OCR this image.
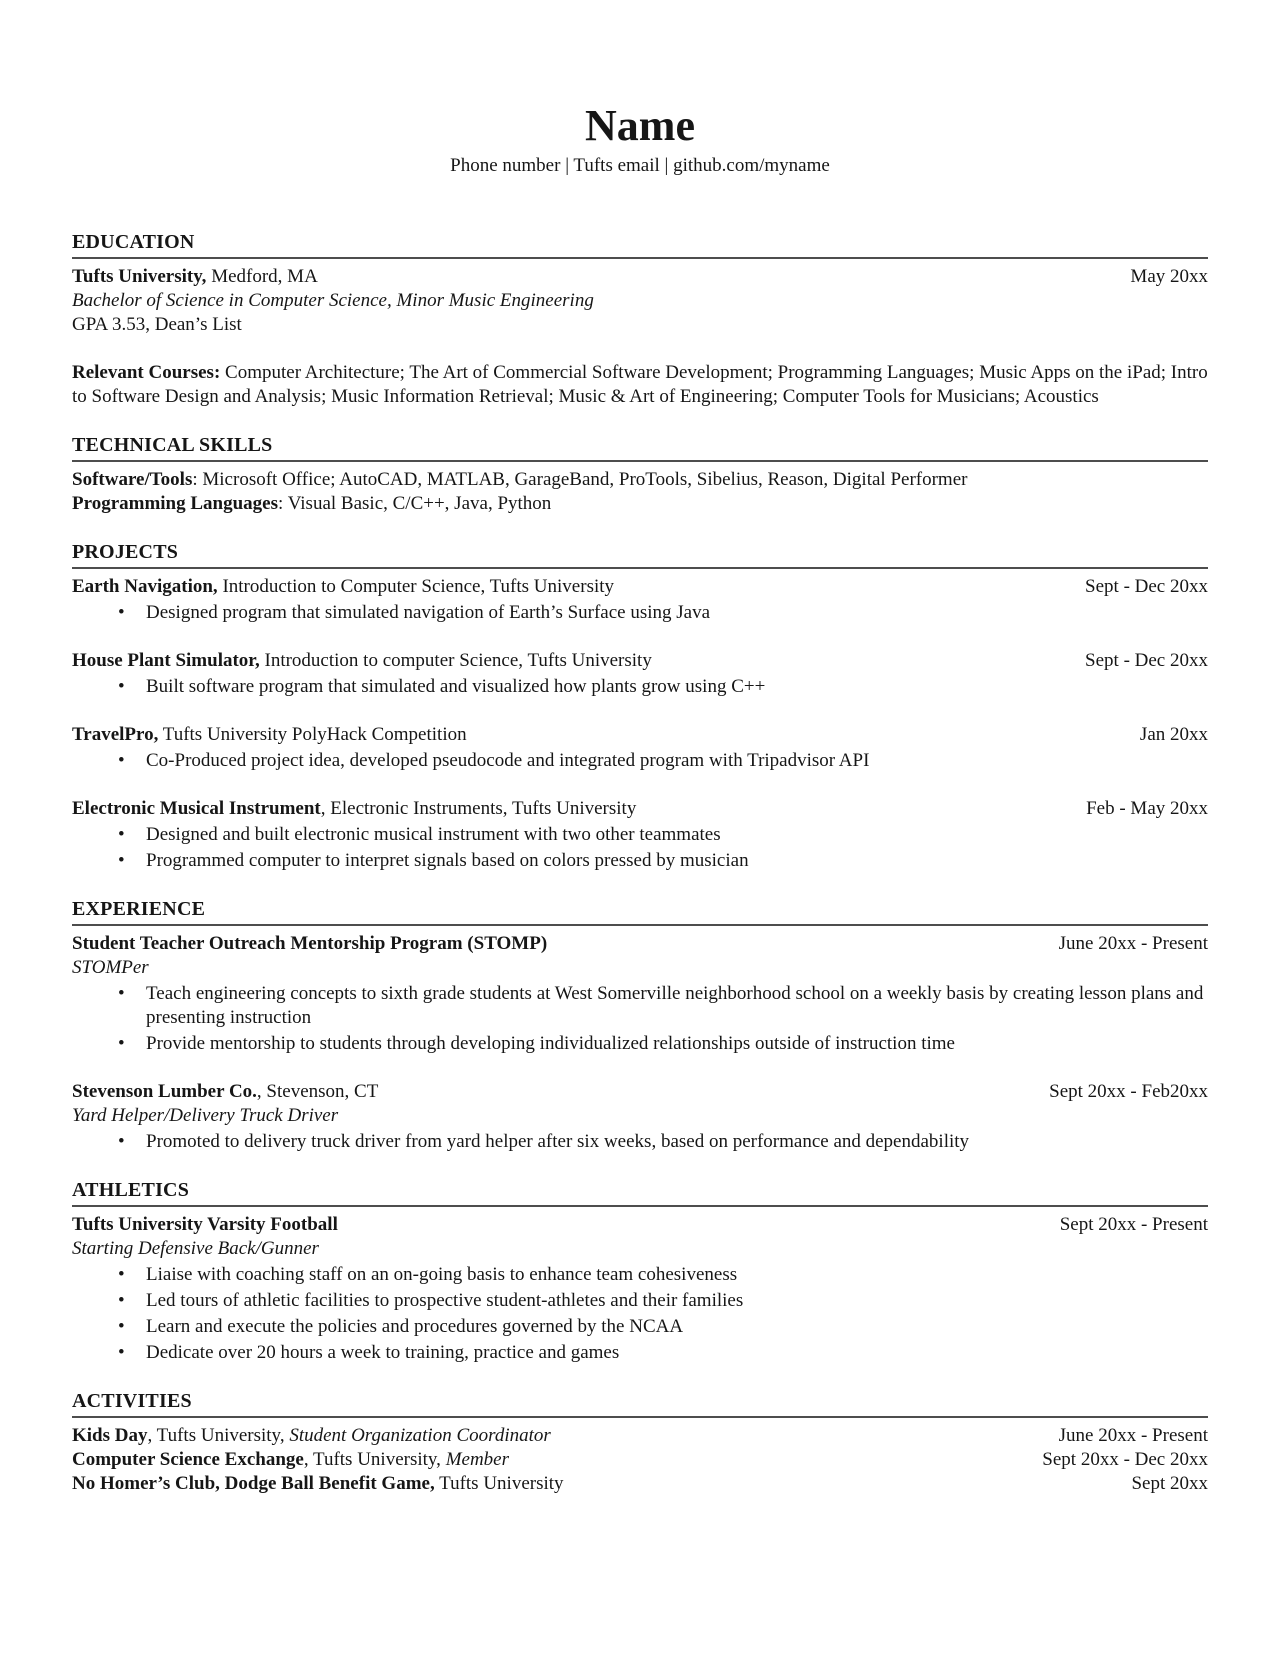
Name
Phone number | Tufts email | github.com/myname
EDUCATION
Tufts University, Medford, MA	May 20xx
Bachelor of Science in Computer Science, Minor Music Engineering
GPA 3.53, Dean’s List
Relevant Courses: Computer Architecture; The Art of Commercial Software Development; Programming Languages; Music Apps on the iPad; Intro to Software Design and Analysis; Music Information Retrieval; Music & Art of Engineering; Computer Tools for Musicians; Acoustics
TECHNICAL SKILLS
Software/Tools: Microsoft Office; AutoCAD, MATLAB, GarageBand, ProTools, Sibelius, Reason, Digital Performer
Programming Languages: Visual Basic, C/C++, Java, Python
PROJECTS
Earth Navigation, Introduction to Computer Science, Tufts University	Sept - Dec 20xx
• Designed program that simulated navigation of Earth’s Surface using Java
House Plant Simulator, Introduction to computer Science, Tufts University	Sept - Dec 20xx
• Built software program that simulated and visualized how plants grow using C++
TravelPro, Tufts University PolyHack Competition	Jan 20xx
• Co-Produced project idea, developed pseudocode and integrated program with Tripadvisor API
Electronic Musical Instrument, Electronic Instruments, Tufts University	Feb - May 20xx
• Designed and built electronic musical instrument with two other teammates
• Programmed computer to interpret signals based on colors pressed by musician
EXPERIENCE
Student Teacher Outreach Mentorship Program (STOMP)	June 20xx - Present
STOMPer
• Teach engineering concepts to sixth grade students at West Somerville neighborhood school on a weekly basis by creating lesson plans and presenting instruction
• Provide mentorship to students through developing individualized relationships outside of instruction time
Stevenson Lumber Co., Stevenson, CT	Sept 20xx - Feb20xx
Yard Helper/Delivery Truck Driver
• Promoted to delivery truck driver from yard helper after six weeks, based on performance and dependability
ATHLETICS
Tufts University Varsity Football	Sept 20xx - Present
Starting Defensive Back/Gunner
• Liaise with coaching staff on an on-going basis to enhance team cohesiveness
• Led tours of athletic facilities to prospective student-athletes and their families
• Learn and execute the policies and procedures governed by the NCAA
• Dedicate over 20 hours a week to training, practice and games
ACTIVITIES
Kids Day, Tufts University, Student Organization Coordinator	June 20xx - Present
Computer Science Exchange, Tufts University, Member	Sept 20xx - Dec 20xx
No Homer’s Club, Dodge Ball Benefit Game, Tufts University	Sept 20xx
